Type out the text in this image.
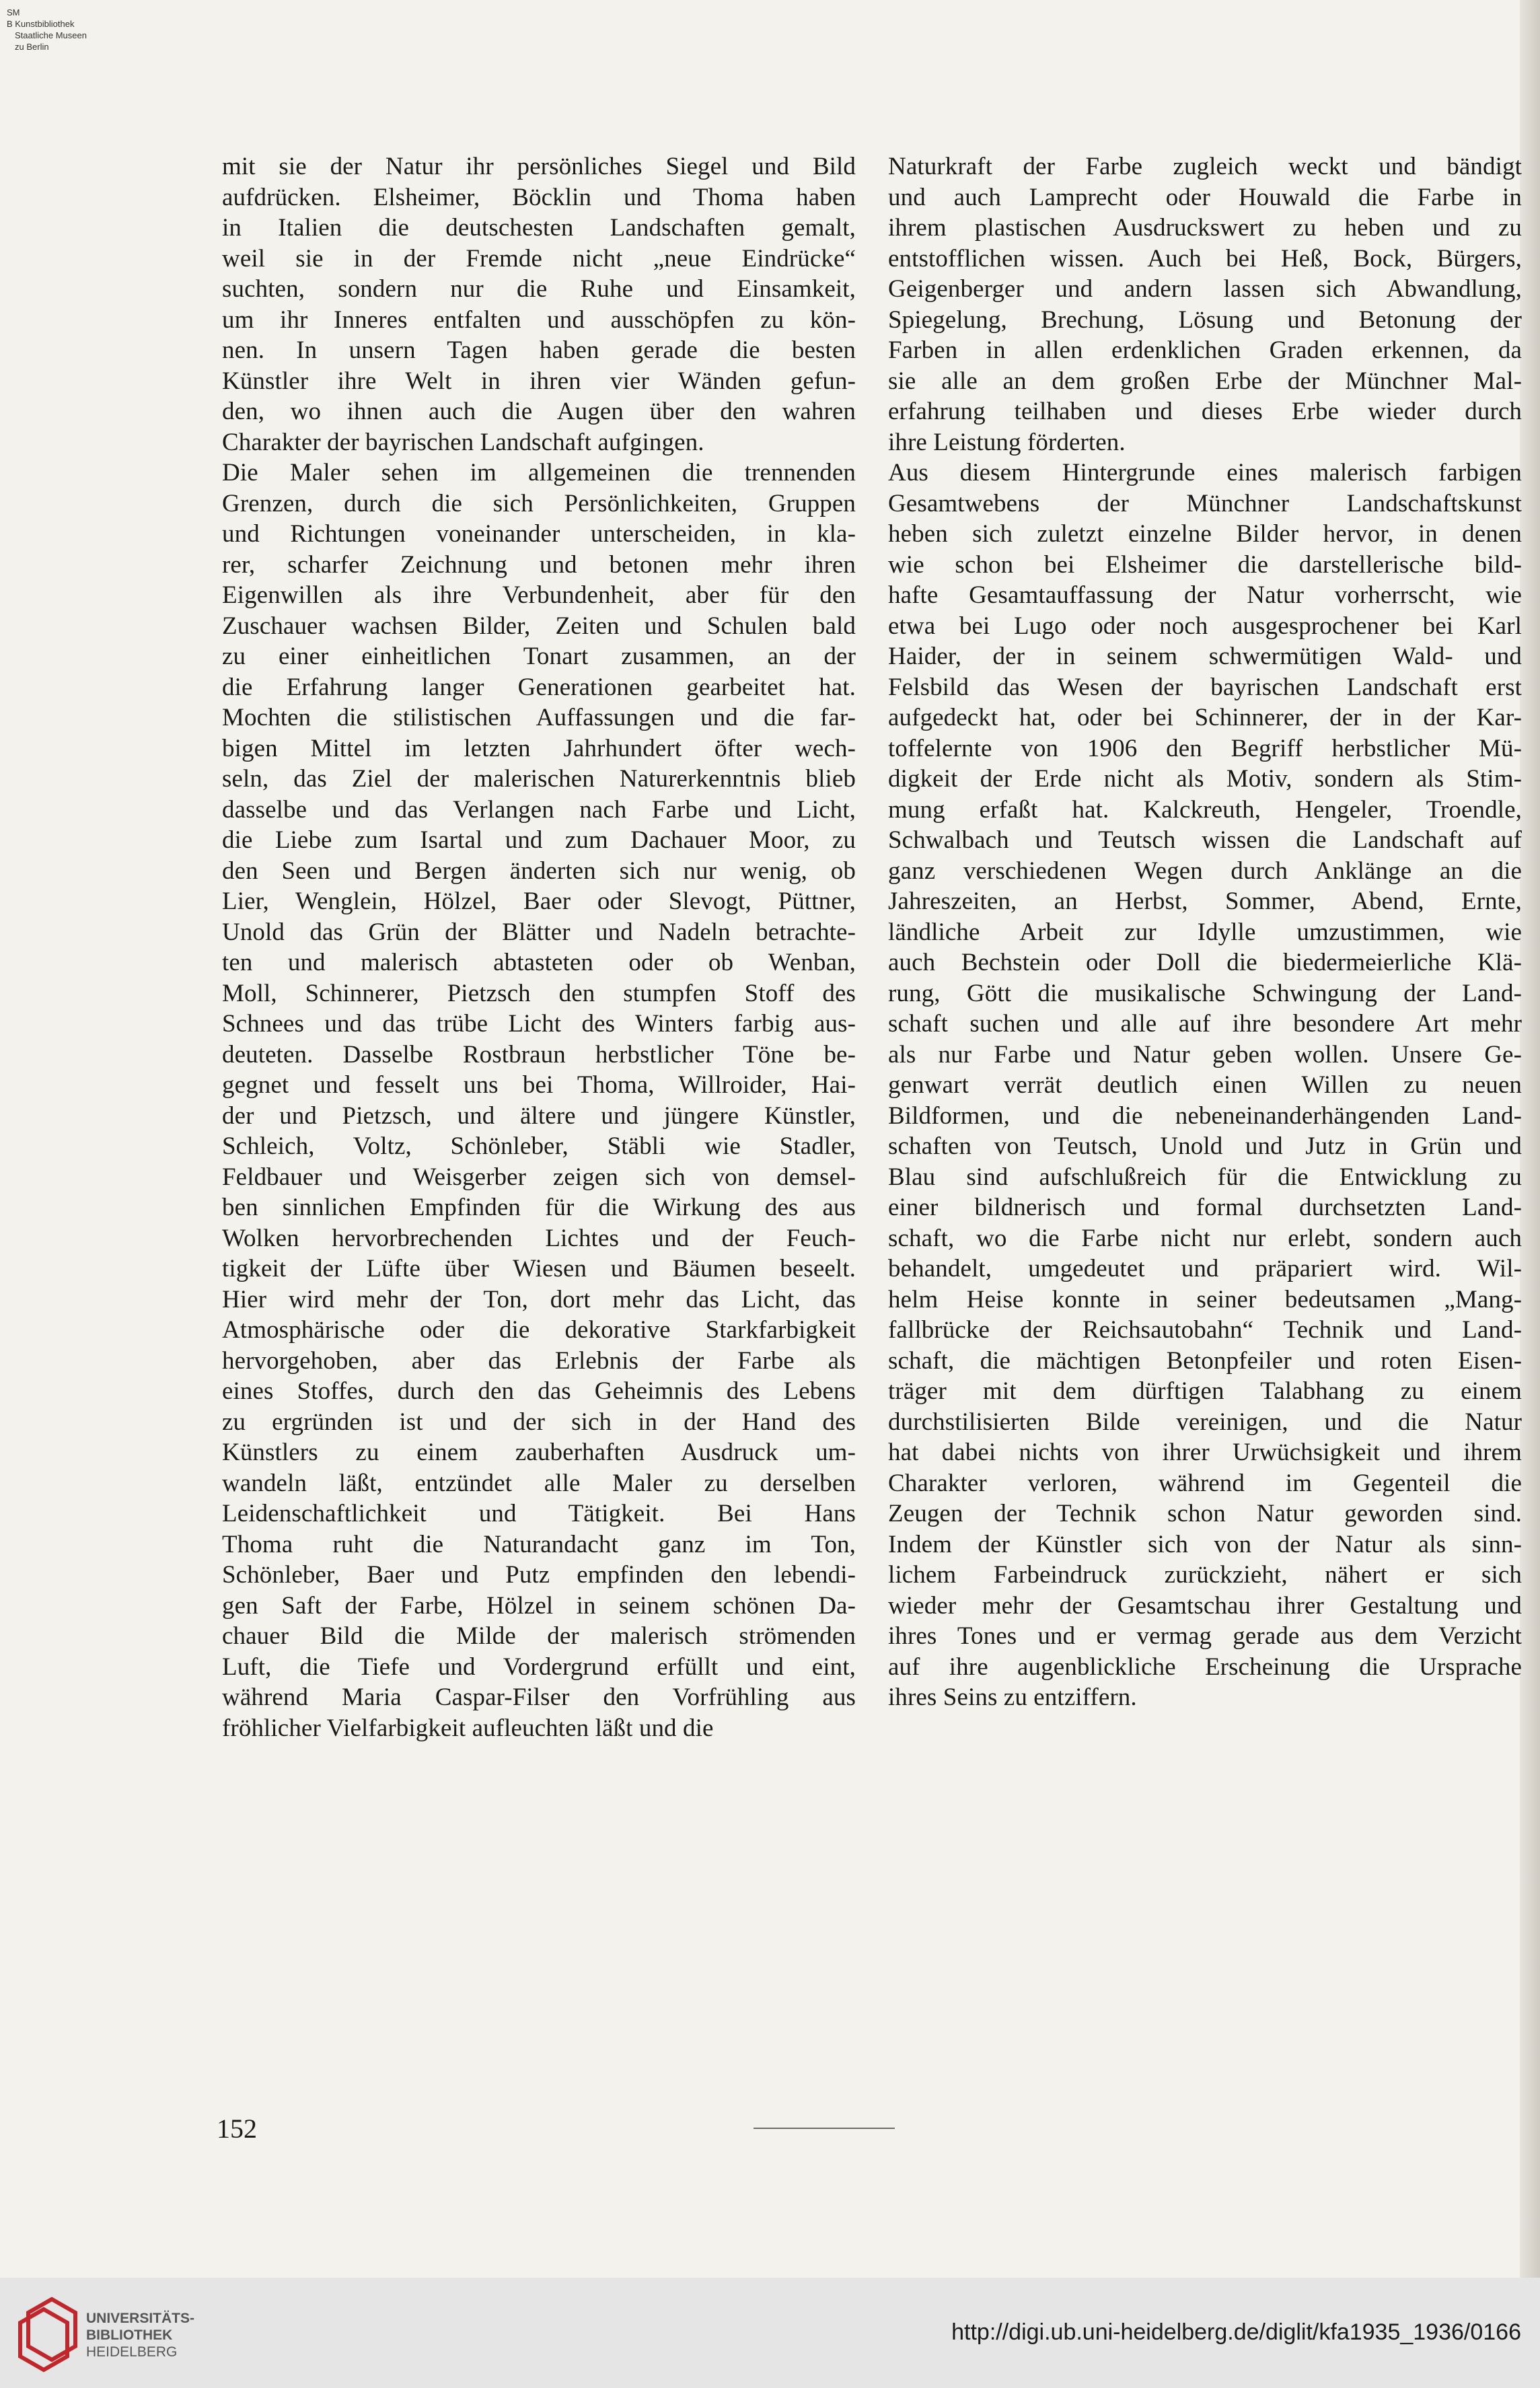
SM
B Kunstbibliothek
Staatliche Museen
zu Berlin

mit sie der Natur ihr persönliches Siegel und Bild

aufdrücken. Elsheimer, Böcklin und Thoma haben

in Italien die deutschesten Landschaften gemalt,

weil sie in der Fremde nicht „neue Eindrücke“

suchten, sondern nur die Ruhe und Einsamkeit,

um ihr Inneres entfalten und ausschöpfen zu kön-

nen. In unsern Tagen haben gerade die besten

Künstler ihre Welt in ihren vier Wänden gefun-

den, wo ihnen auch die Augen über den wahren

Charakter der bayrischen Landschaft aufgingen.

Die Maler sehen im allgemeinen die trennenden

Grenzen, durch die sich Persönlichkeiten, Gruppen

und Richtungen voneinander unterscheiden, in kla-

rer, scharfer Zeichnung und betonen mehr ihren

Eigenwillen als ihre Verbundenheit, aber für den

Zuschauer wachsen Bilder, Zeiten und Schulen bald

zu einer einheitlichen Tonart zusammen, an der

die Erfahrung langer Generationen gearbeitet hat.

Mochten die stilistischen Auffassungen und die far-

bigen Mittel im letzten Jahrhundert öfter wech-

seln, das Ziel der malerischen Naturerkenntnis blieb

dasselbe und das Verlangen nach Farbe und Licht,

die Liebe zum Isartal und zum Dachauer Moor, zu

den Seen und Bergen änderten sich nur wenig, ob

Lier, Wenglein, Hölzel, Baer oder Slevogt, Püttner,

Unold das Grün der Blätter und Nadeln betrachte-

ten und malerisch abtasteten oder ob Wenban,

Moll, Schinnerer, Pietzsch den stumpfen Stoff des

Schnees und das trübe Licht des Winters farbig aus-

deuteten. Dasselbe Rostbraun herbstlicher Töne be-

gegnet und fesselt uns bei Thoma, Willroider, Hai-

der und Pietzsch, und ältere und jüngere Künstler,

Schleich, Voltz, Schönleber, Stäbli wie Stadler,

Feldbauer und Weisgerber zeigen sich von demsel-

ben sinnlichen Empfinden für die Wirkung des aus

Wolken hervorbrechenden Lichtes und der Feuch-

tigkeit der Lüfte über Wiesen und Bäumen beseelt.

Hier wird mehr der Ton, dort mehr das Licht, das

Atmosphärische oder die dekorative Starkfarbigkeit

hervorgehoben, aber das Erlebnis der Farbe als

eines Stoffes, durch den das Geheimnis des Lebens

zu ergründen ist und der sich in der Hand des

Künstlers zu einem zauberhaften Ausdruck um-

wandeln läßt, entzündet alle Maler zu derselben

Leidenschaftlichkeit und Tätigkeit. Bei Hans

Thoma ruht die Naturandacht ganz im Ton,

Schönleber, Baer und Putz empfinden den lebendi-

gen Saft der Farbe, Hölzel in seinem schönen Da-

chauer Bild die Milde der malerisch strömenden

Luft, die Tiefe und Vordergrund erfüllt und eint,

während Maria Caspar-Filser den Vorfrühling aus

fröhlicher Vielfarbigkeit aufleuchten läßt und die

Naturkraft der Farbe zugleich weckt und bändigt

und auch Lamprecht oder Houwald die Farbe in

ihrem plastischen Ausdruckswert zu heben und zu

entstofflichen wissen. Auch bei Heß, Bock, Bürgers,

Geigenberger und andern lassen sich Abwandlung,

Spiegelung, Brechung, Lösung und Betonung der

Farben in allen erdenklichen Graden erkennen, da

sie alle an dem großen Erbe der Münchner Mal-

erfahrung teilhaben und dieses Erbe wieder durch

ihre Leistung förderten.

Aus diesem Hintergrunde eines malerisch farbigen

Gesamtwebens der Münchner Landschaftskunst

heben sich zuletzt einzelne Bilder hervor, in denen

wie schon bei Elsheimer die darstellerische bild-

hafte Gesamtauffassung der Natur vorherrscht, wie

etwa bei Lugo oder noch ausgesprochener bei Karl

Haider, der in seinem schwermütigen Wald- und

Felsbild das Wesen der bayrischen Landschaft erst

aufgedeckt hat, oder bei Schinnerer, der in der Kar-

toffelernte von 1906 den Begriff herbstlicher Mü-

digkeit der Erde nicht als Motiv, sondern als Stim-

mung erfaßt hat. Kalckreuth, Hengeler, Troendle,

Schwalbach und Teutsch wissen die Landschaft auf

ganz verschiedenen Wegen durch Anklänge an die

Jahreszeiten, an Herbst, Sommer, Abend, Ernte,

ländliche Arbeit zur Idylle umzustimmen, wie

auch Bechstein oder Doll die biedermeierliche Klä-

rung, Gött die musikalische Schwingung der Land-

schaft suchen und alle auf ihre besondere Art mehr

als nur Farbe und Natur geben wollen. Unsere Ge-

genwart verrät deutlich einen Willen zu neuen

Bildformen, und die nebeneinanderhängenden Land-

schaften von Teutsch, Unold und Jutz in Grün und

Blau sind aufschlußreich für die Entwicklung zu

einer bildnerisch und formal durchsetzten Land-

schaft, wo die Farbe nicht nur erlebt, sondern auch

behandelt, umgedeutet und präpariert wird. Wil-

helm Heise konnte in seiner bedeutsamen „Mang-

fallbrücke der Reichsautobahn“ Technik und Land-

schaft, die mächtigen Betonpfeiler und roten Eisen-

träger mit dem dürftigen Talabhang zu einem

durchstilisierten Bilde vereinigen, und die Natur

hat dabei nichts von ihrer Urwüchsigkeit und ihrem

Charakter verloren, während im Gegenteil die

Zeugen der Technik schon Natur geworden sind.

Indem der Künstler sich von der Natur als sinn-

lichem Farbeindruck zurückzieht, nähert er sich

wieder mehr der Gesamtschau ihrer Gestaltung und

ihres Tones und er vermag gerade aus dem Verzicht

auf ihre augenblickliche Erscheinung die Ursprache

ihres Seins zu entziffern.

152
UNIVERSITÄTS-
BIBLIOTHEK
HEIDELBERG
http://digi.ub.uni-heidelberg.de/diglit/kfa1935_1936/0166
